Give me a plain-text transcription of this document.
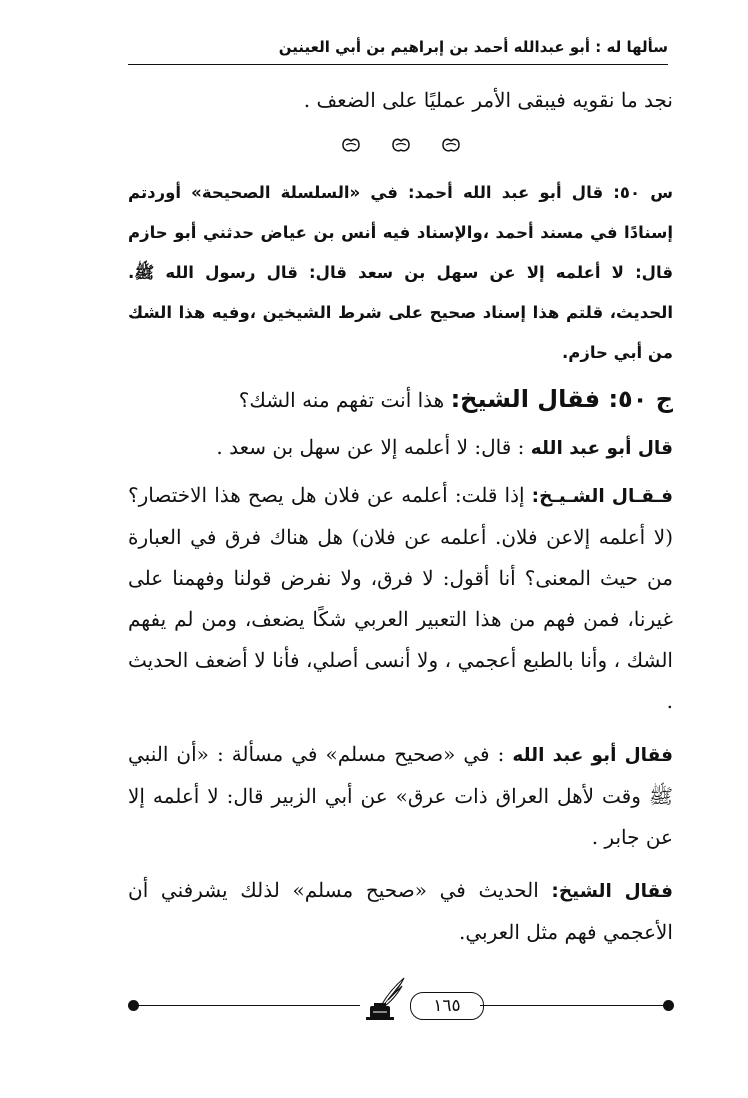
سألها له : أبو عبدالله أحمد بن إبراهيم بن أبي العينين

نجد ما نقويه فيبقى الأمر عمليًا على الضعف .

س ٥٠: قال أبو عبد الله أحمد: في «السلسلة الصحيحة» أوردتم إسنادًا في مسند أحمد ،والإسناد فيه أنس بن عياض حدثني أبو حازم قال: لا أعلمه إلا عن سهل بن سعد قال: قال رسول الله ﷺ. الحديث، قلتم هذا إسناد صحيح على شرط الشيخين ،وفيه هذا الشك من أبي حازم.

ج ٥٠: فقال الشيخ: هذا أنت تفهم منه الشك؟

قال أبو عبد الله : قال: لا أعلمه إلا عن سهل بن سعد .

فـقـال الشـيـخ: إذا قلت: أعلمه عن فلان هل يصح هذا الاختصار؟ (لا أعلمه إلاعن فلان. أعلمه عن فلان) هل هناك فرق في العبارة من حيث المعنى؟ أنا أقول: لا فرق، ولا نفرض قولنا وفهمنا على غيرنا، فمن فهم من هذا التعبير العربي شكًا يضعف، ومن لم يفهم الشك ، وأنا بالطبع أعجمي ، ولا أنسى أصلي، فأنا لا أضعف الحديث .

فقال أبو عبد الله : في «صحيح مسلم» في مسألة : «أن النبي ﷺ وقت لأهل العراق ذات عرق» عن أبي الزبير قال: لا أعلمه إلا عن جابر .

فقال الشيخ: الحديث في «صحيح مسلم» لذلك يشرفني أن الأعجمي فهم مثل العربي.

١٦٥
